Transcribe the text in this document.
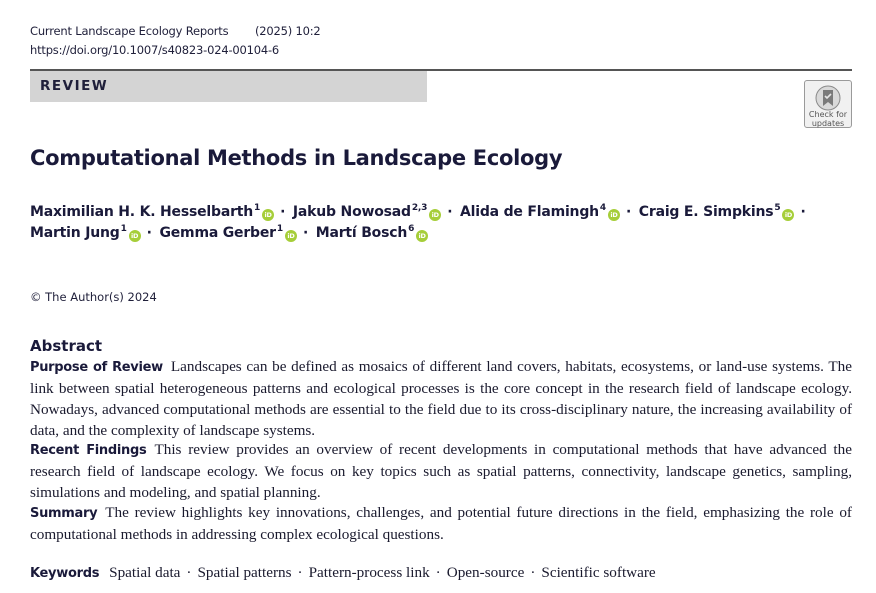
Current Landscape Ecology Reports (2025) 10:2
https://doi.org/10.1007/s40823-024-00104-6
REVIEW
Check for
updates
Computational Methods in Landscape Ecology
Maximilian H. K. Hesselbarth$^1$iD · Jakub Nowosad$^{2,3}$iD · Alida de Flamingh$^4$iD · Craig E. Simpkins$^5$iD ·
Martin Jung$^1$iD · Gemma Gerber$^1$iD · Martí Bosch$^6$iD
© The Author(s) 2024
Abstract

Purpose of Review Landscapes can be defined as mosaics of different land covers, habitats, ecosystems, or land-use systems. The link between spatial heterogeneous patterns and ecological processes is the core concept in the research field of landscape ecology. Nowadays, advanced computational methods are essential to the field due to its cross-disciplinary nature, the increasing availability of data, and the complexity of landscape systems.

Recent Findings This review provides an overview of recent developments in computational methods that have advanced the research field of landscape ecology. We focus on key topics such as spatial patterns, connectivity, landscape genetics, sampling, simulations and modeling, and spatial planning.

Summary The review highlights key innovations, challenges, and potential future directions in the field, emphasizing the role of computational methods in addressing complex ecological questions.

Keywords Spatial data · Spatial patterns · Pattern-process link · Open-source · Scientific software
